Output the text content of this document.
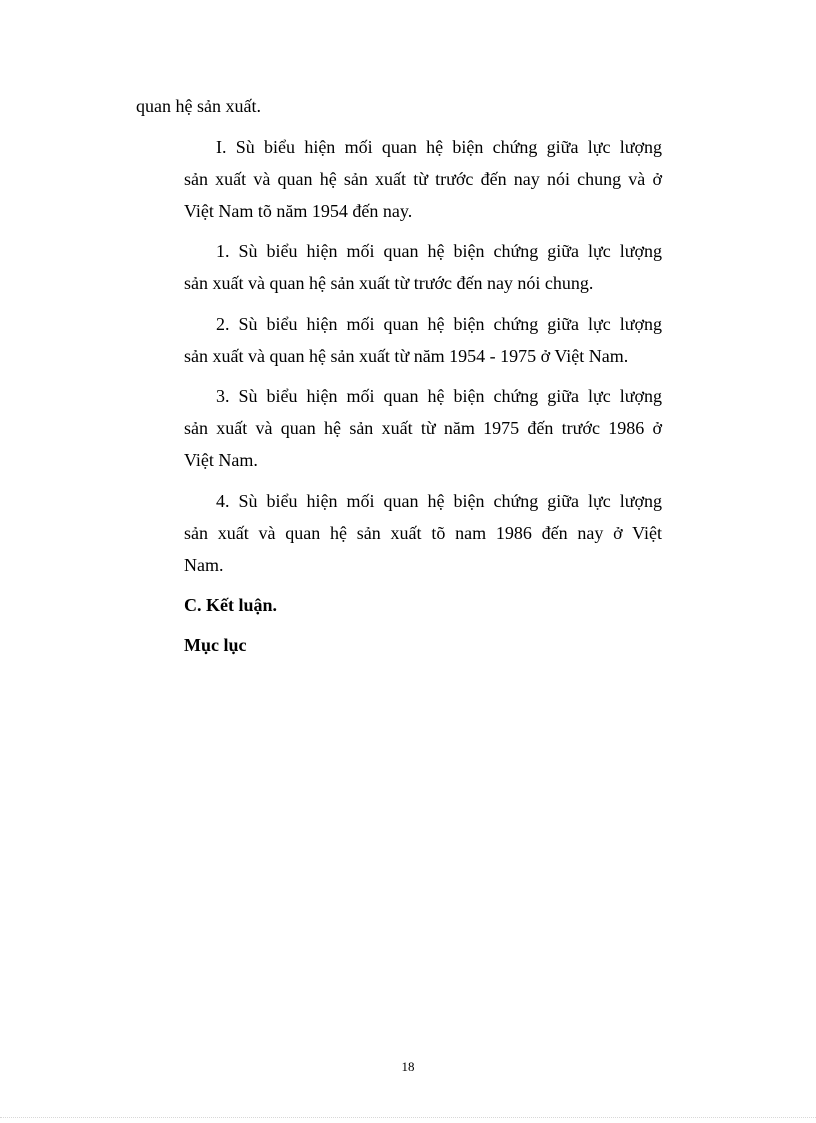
quan hệ sản xuất.
I. Sù biểu hiện mối quan hệ biện chứng giữa lực lượng
sản xuất và quan hệ sản xuất từ trước đến nay nói chung và ở
Việt Nam tõ năm 1954 đến nay.
1. Sù biểu hiện mối quan hệ biện chứng giữa lực lượng
sản xuất và quan hệ sản xuất từ trước đến nay nói chung.
2. Sù biểu hiện mối quan hệ biện chứng giữa lực lượng
sản xuất và quan hệ sản xuất từ năm 1954 - 1975 ở Việt Nam.
3. Sù biểu hiện mối quan hệ biện chứng giữa lực lượng
sản xuất và quan hệ sản xuất từ năm 1975 đến trước 1986 ở
Việt Nam.
4. Sù biểu hiện mối quan hệ biện chứng giữa lực lượng
sản xuất và quan hệ sản xuất tõ nam 1986 đến nay ở Việt
Nam.
C. Kết luận.
Mục lục
18
